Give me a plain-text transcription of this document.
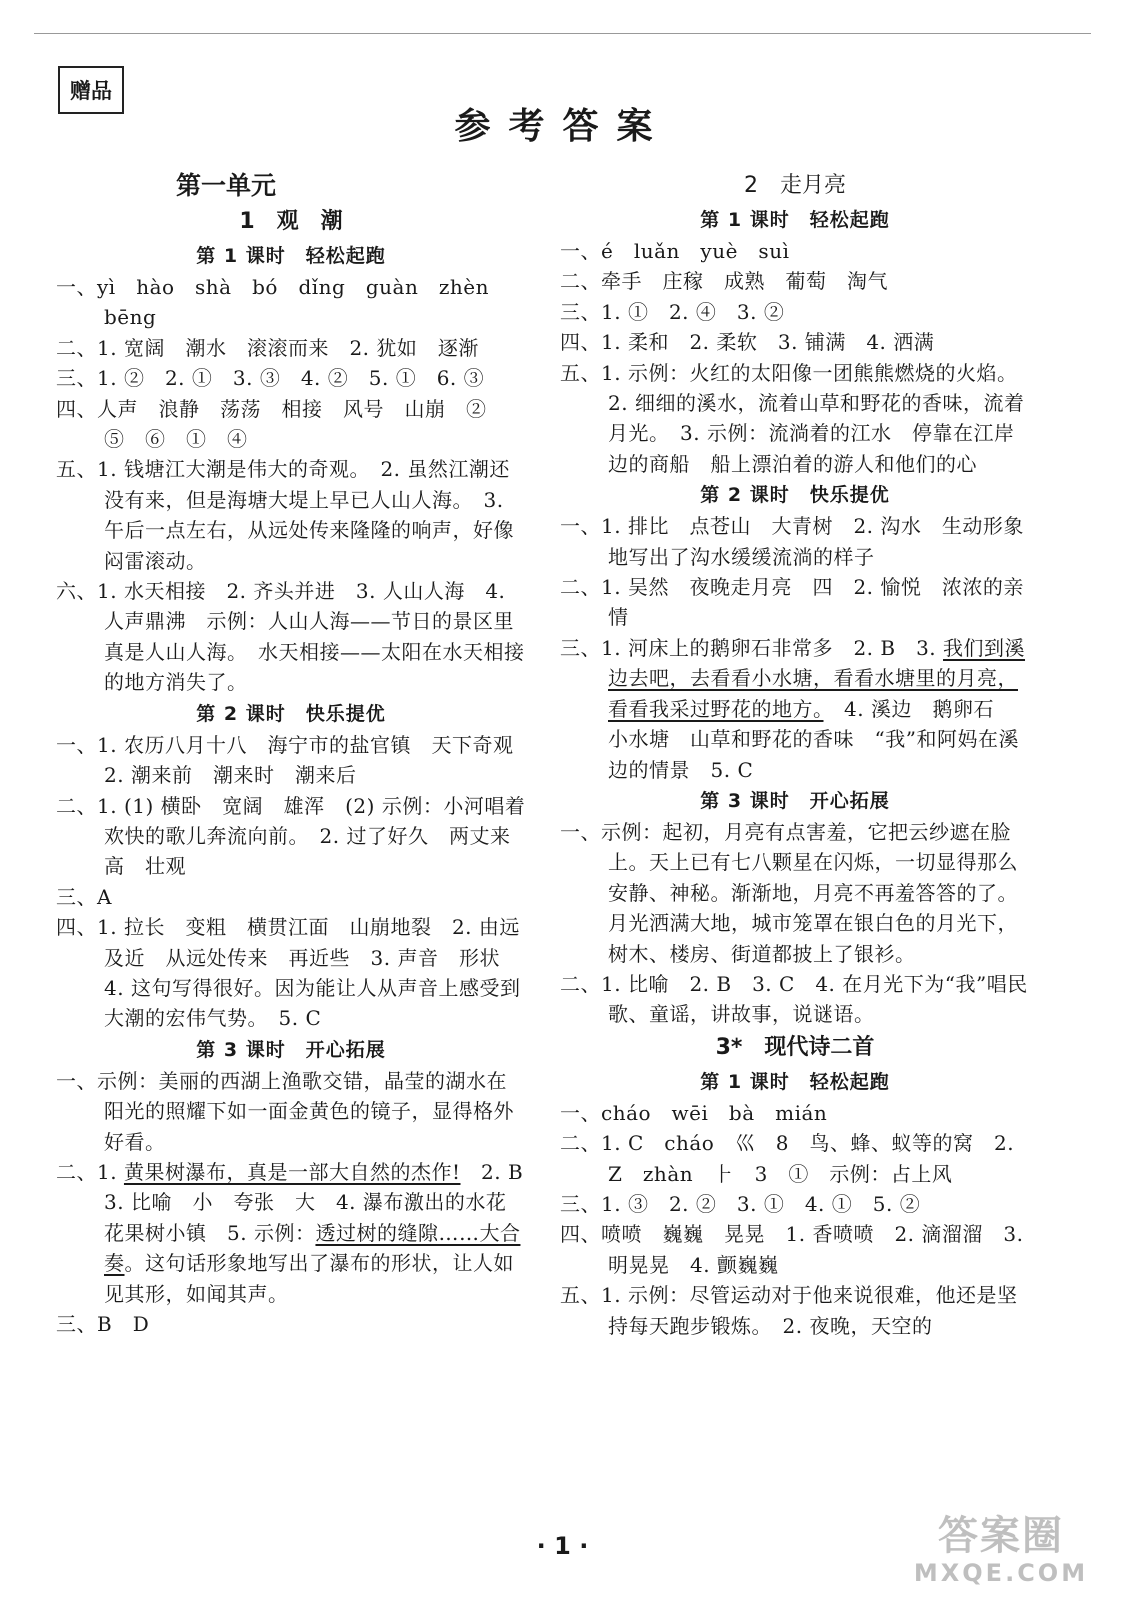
赠品
参考答案
第一单元
1　观　潮
第 1 课时　轻松起跑
一、yì　hào　shà　bó　dǐng　guàn　zhèn　bēng
二、1. 宽阔　潮水　滚滚而来　2. 犹如　逐渐
三、1. ②　2. ①　3. ③　4. ②　5. ①　6. ③
四、人声　浪静　荡荡　相接　风号　山崩　②　⑤　⑥　①　④
五、1. 钱塘江大潮是伟大的奇观。　2. 虽然江潮还没有来，但是海塘大堤上早已人山人海。　3. 午后一点左右，从远处传来隆隆的响声，好像闷雷滚动。
六、1. 水天相接　2. 齐头并进　3. 人山人海　4. 人声鼎沸　示例：人山人海——节日的景区里真是人山人海。　水天相接——太阳在水天相接的地方消失了。
第 2 课时　快乐提优
一、1. 农历八月十八　海宁市的盐官镇　天下奇观　2. 潮来前　潮来时　潮来后
二、1. (1) 横卧　宽阔　雄浑　(2) 示例：小河唱着欢快的歌儿奔流向前。　2. 过了好久　两丈来高　壮观
三、A
四、1. 拉长　变粗　横贯江面　山崩地裂　2. 由远及近　从远处传来　再近些　3. 声音　形状　4. 这句写得很好。因为能让人从声音上感受到大潮的宏伟气势。　5. C
第 3 课时　开心拓展
一、示例：美丽的西湖上渔歌交错，晶莹的湖水在阳光的照耀下如一面金黄色的镜子，显得格外好看。
二、1. 黄果树瀑布，真是一部大自然的杰作!　2. B　3. 比喻　小　夸张　大　4. 瀑布激出的水花　花果树小镇　5. 示例：透过树的缝隙……大合奏。这句话形象地写出了瀑布的形状，让人如见其形，如闻其声。
三、B　D
2　走月亮
第 1 课时　轻松起跑
一、é　luǎn　yuè　suì
二、牵手　庄稼　成熟　葡萄　淘气
三、1. ①　2. ④　3. ②
四、1. 柔和　2. 柔软　3. 铺满　4. 洒满
五、1. 示例：火红的太阳像一团熊熊燃烧的火焰。　2. 细细的溪水，流着山草和野花的香味，流着月光。　3. 示例：流淌着的江水　停靠在江岸边的商船　船上漂泊着的游人和他们的心
第 2 课时　快乐提优
一、1. 排比　点苍山　大青树　2. 沟水　生动形象地写出了沟水缓缓流淌的样子
二、1. 吴然　夜晚走月亮　四　2. 愉悦　浓浓的亲情
三、1. 河床上的鹅卵石非常多　2. B　3. 我们到溪边去吧，去看看小水塘，看看水塘里的月亮，看看我采过野花的地方。　4. 溪边　鹅卵石　小水塘　山草和野花的香味　“我”和阿妈在溪边的情景　5. C
第 3 课时　开心拓展
一、示例：起初，月亮有点害羞，它把云纱遮在脸上。天上已有七八颗星在闪烁，一切显得那么安静、神秘。渐渐地，月亮不再羞答答的了。月光洒满大地，城市笼罩在银白色的月光下，树木、楼房、街道都披上了银衫。
二、1. 比喻　2. B　3. C　4. 在月光下为“我”唱民歌、童谣，讲故事，说谜语。
3*　现代诗二首
第 1 课时　轻松起跑
一、cháo　wēi　bà　mián
二、1. C　cháo　巛　8　鸟、蜂、蚁等的窝　2. Z　zhàn　⺊　3　①　示例：占上风
三、1. ③　2. ②　3. ①　4. ①　5. ②
四、喷喷　巍巍　晃晃　1. 香喷喷　2. 滴溜溜　3. 明晃晃　4. 颤巍巍
五、1. 示例：尽管运动对于他来说很难，他还是坚持每天跑步锻炼。　2. 夜晚，天空的
· 1 ·	答案圈
MXQE.COM
